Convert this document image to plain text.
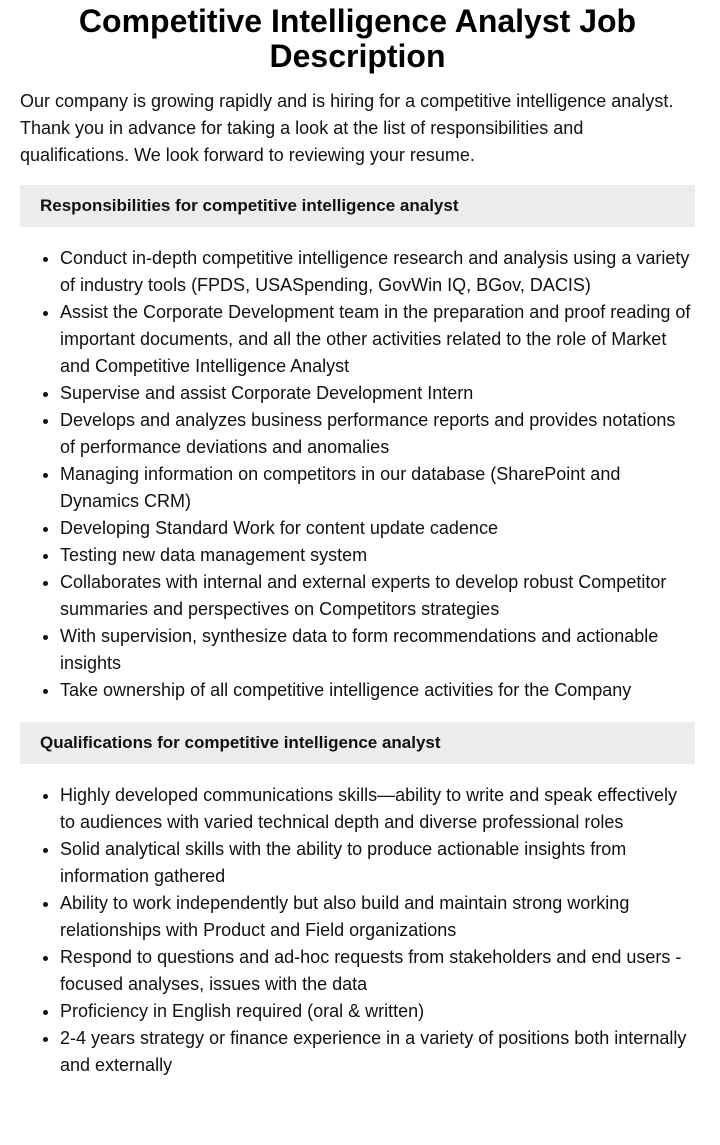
Competitive Intelligence Analyst Job Description

Our company is growing rapidly and is hiring for a competitive intelligence analyst. Thank you in advance for taking a look at the list of responsibilities and qualifications. We look forward to reviewing your resume.

Responsibilities for competitive intelligence analyst
• Conduct in-depth competitive intelligence research and analysis using a variety of industry tools (FPDS, USASpending, GovWin IQ, BGov, DACIS)
• Assist the Corporate Development team in the preparation and proof reading of important documents, and all the other activities related to the role of Market and Competitive Intelligence Analyst
• Supervise and assist Corporate Development Intern
• Develops and analyzes business performance reports and provides notations of performance deviations and anomalies
• Managing information on competitors in our database (SharePoint and Dynamics CRM)
• Developing Standard Work for content update cadence
• Testing new data management system
• Collaborates with internal and external experts to develop robust Competitor summaries and perspectives on Competitors strategies
• With supervision, synthesize data to form recommendations and actionable insights
• Take ownership of all competitive intelligence activities for the Company
Qualifications for competitive intelligence analyst
• Highly developed communications skills—ability to write and speak effectively to audiences with varied technical depth and diverse professional roles
• Solid analytical skills with the ability to produce actionable insights from information gathered
• Ability to work independently but also build and maintain strong working relationships with Product and Field organizations
• Respond to questions and ad-hoc requests from stakeholders and end users - focused analyses, issues with the data
• Proficiency in English required (oral & written)
• 2-4 years strategy or finance experience in a variety of positions both internally and externally
